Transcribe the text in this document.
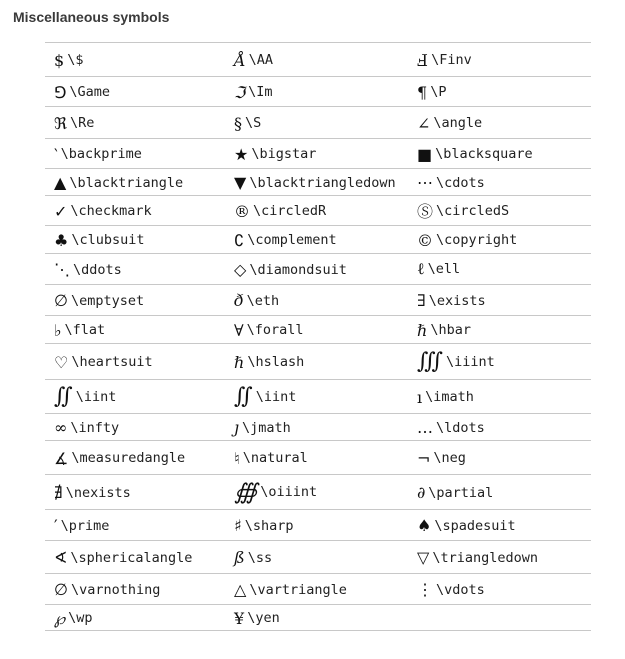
Miscellaneous symbols
$ \$	Å \AA	Ⅎ \Finv
⅁ \Game	ℑ \Im	¶ \P
ℜ \Re	§ \S	∠ \angle
‵ \backprime	★ \bigstar	■ \blacksquare
▲ \blacktriangle	▼ \blacktriangledown	⋯ \cdots
✓ \checkmark	® \circledR	Ⓢ \circledS
♣ \clubsuit	∁ \complement	© \copyright
⋱ \ddots	◇ \diamondsuit	ℓ \ell
∅ \emptyset	ð \eth	∃ \exists
♭ \flat	∀ \forall	ℏ \hbar
♡ \heartsuit	ℏ \hslash	∭ \iiint
∬ \iint	∬ \iint	ı \imath
∞ \infty	ȷ \jmath	… \ldots
∡ \measuredangle	♮ \natural	¬ \neg
∄ \nexists	∰ \oiiint	∂ \partial
′ \prime	♯ \sharp	♠ \spadesuit
∢ \sphericalangle	ß \ss	▽ \triangledown
∅ \varnothing	△ \vartriangle	⋮ \vdots
℘ \wp	¥ \yen	
